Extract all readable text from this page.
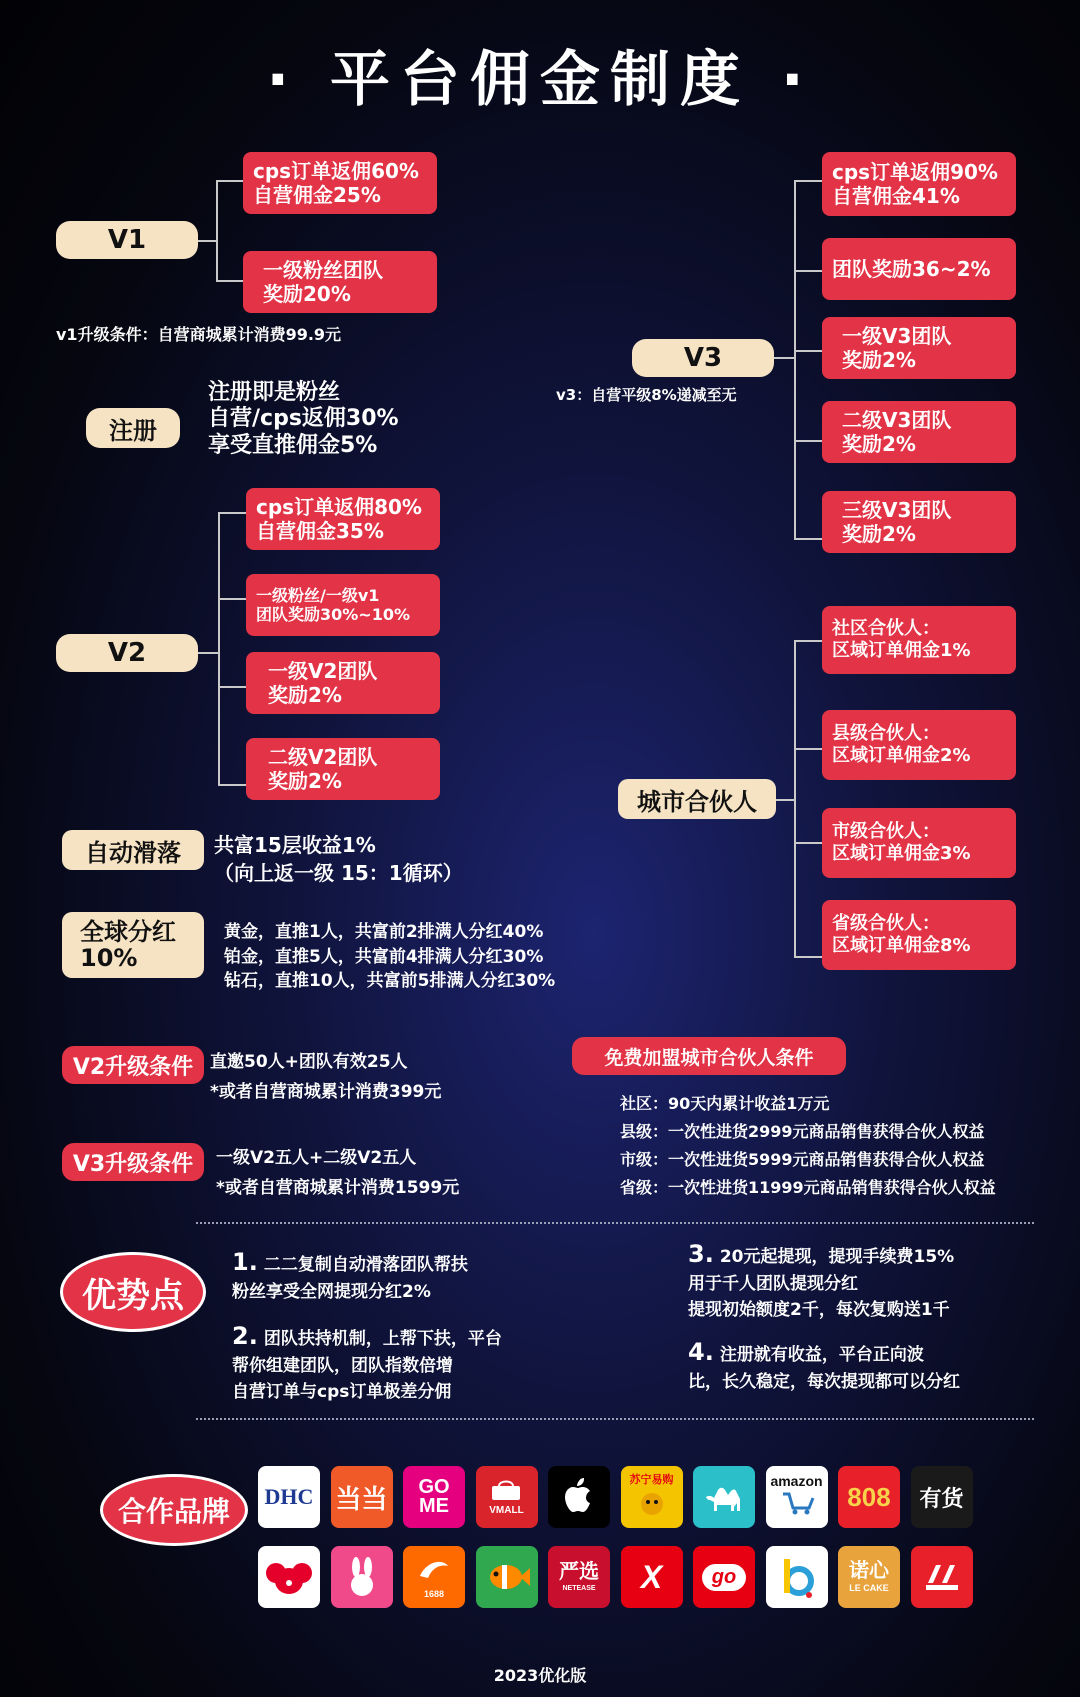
· 平台佣金制度 ·
V1
cps订单返佣60%
自营佣金25%
一级粉丝团队
奖励20%
v1升级条件：自营商城累计消费99.9元
注册
注册即是粉丝
自营/cps返佣30%
享受直推佣金5%
V2
cps订单返佣80%
自营佣金35%
一级粉丝/一级v1
团队奖励30%~10%
一级V2团队
奖励2%
二级V2团队
奖励2%
自动滑落	共富15层收益1%
（向上返一级 15：1循环）
全球分红
10%
黄金，直推1人，共富前2排满人分红40%
铂金，直推5人，共富前4排满人分红30%
钻石，直推10人，共富前5排满人分红30%
V3
v3：自营平级8%递减至无
cps订单返佣90%
自营佣金41%
团队奖励36~2%
一级V3团队
奖励2%
二级V3团队
奖励2%
三级V3团队
奖励2%
城市合伙人
社区合伙人：
区域订单佣金1%
县级合伙人：
区域订单佣金2%
市级合伙人：
区域订单佣金3%
省级合伙人：
区域订单佣金8%
V2升级条件 直邀50人+团队有效25人
*或者自营商城累计消费399元
V3升级条件	一级V2五人+二级V2五人
*或者自营商城累计消费1599元
免费加盟城市合伙人条件
社区：90天内累计收益1万元
县级：一次性进货2999元商品销售获得合伙人权益
市级：一次性进货5999元商品销售获得合伙人权益
省级：一次性进货11999元商品销售获得合伙人权益
优势点
1. 二二复制自动滑落团队帮扶
粉丝享受全网提现分红2%
2. 团队扶持机制，上帮下扶，平台
帮你组建团队，团队指数倍增
自营订单与cps订单极差分佣
3. 20元起提现，提现手续费15%
用于千人团队提现分红
提现初始额度2千，每次复购送1千
4. 注册就有收益，平台正向波
比，长久稳定，每次提现都可以分红
合作品牌	DHC 当当 GO
ME	VMALL
苏宁易购	amazon
808 有货
1688
严选
NETEASE X	go	诺心
LE CAKE
2023优化版
